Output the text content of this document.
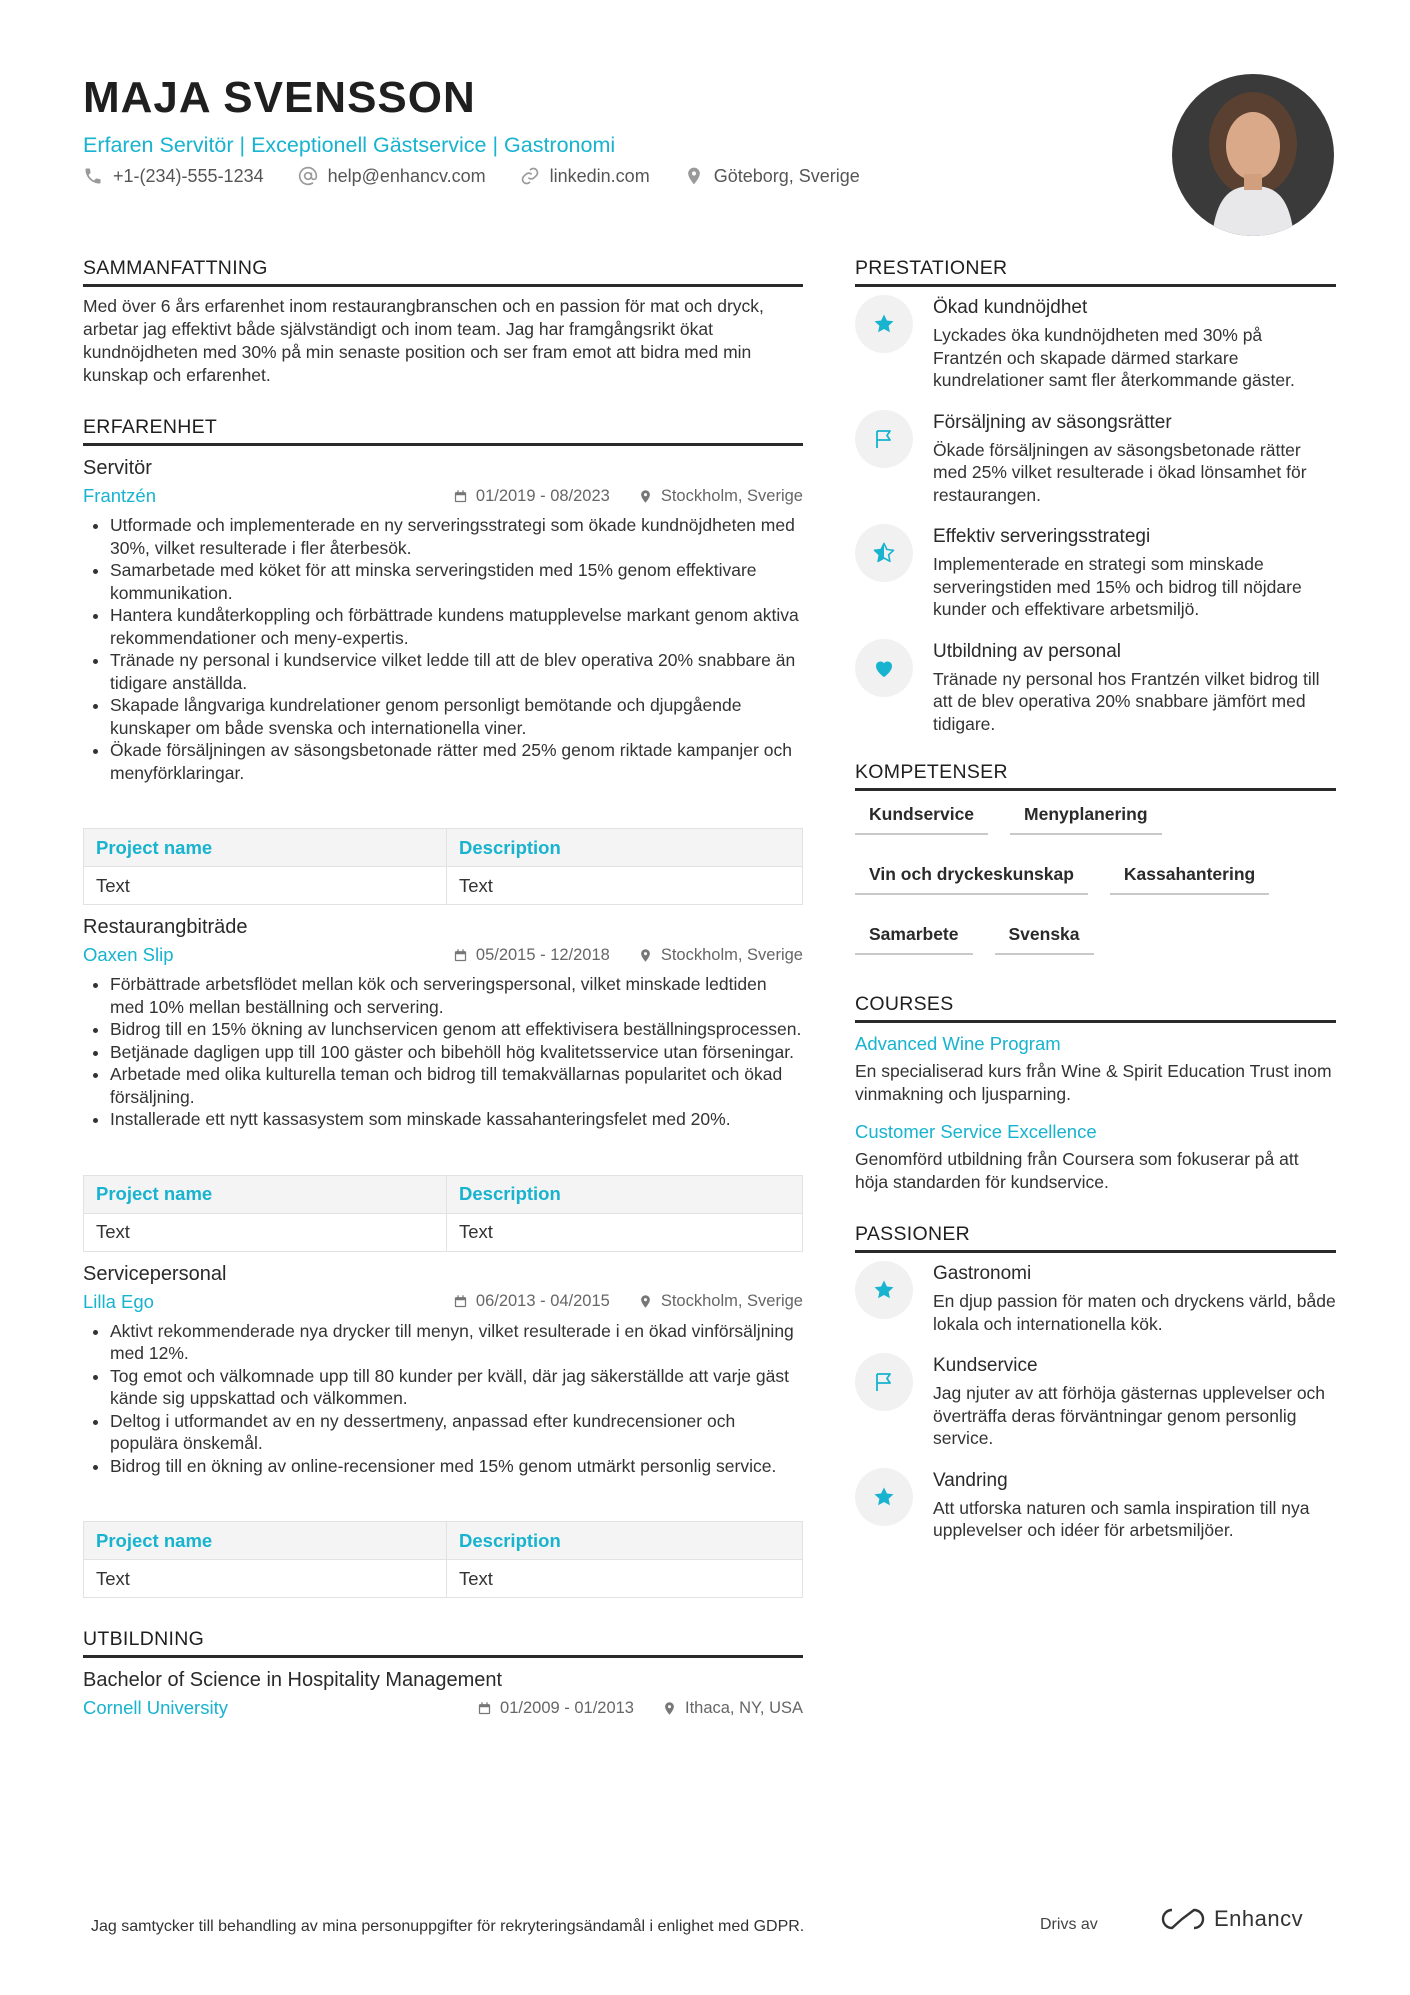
MAJA SVENSSON
Erfaren Servitör | Exceptionell Gästservice | Gastronomi
+1-(234)-555-1234	help@enhancv.com	linkedin.com	Göteborg, Sverige
SAMMANFATTNING
Med över 6 års erfarenhet inom restaurangbranschen och en passion för mat och dryck, arbetar jag effektivt både självständigt och inom team. Jag har framgångsrikt ökat kundnöjdheten med 30% på min senaste position och ser fram emot att bidra med min kunskap och erfarenhet.
ERFARENHET
Servitör
Frantzén	01/2019 - 08/2023	Stockholm, Sverige
• Utformade och implementerade en ny serveringsstrategi som ökade kundnöjdheten med 30%, vilket resulterade i fler återbesök.
• Samarbetade med köket för att minska serveringstiden med 15% genom effektivare kommunikation.
• Hantera kundåterkoppling och förbättrade kundens matupplevelse markant genom aktiva rekommendationer och meny-expertis.
• Tränade ny personal i kundservice vilket ledde till att de blev operativa 20% snabbare än tidigare anställda.
• Skapade långvariga kundrelationer genom personligt bemötande och djupgående kunskaper om både svenska och internationella viner.
• Ökade försäljningen av säsongsbetonade rätter med 25% genom riktade kampanjer och menyförklaringar.
Project name	Description
Text	Text
Restaurangbiträde
Oaxen Slip	05/2015 - 12/2018	Stockholm, Sverige
• Förbättrade arbetsflödet mellan kök och serveringspersonal, vilket minskade ledtiden med 10% mellan beställning och servering.
• Bidrog till en 15% ökning av lunchservicen genom att effektivisera beställningsprocessen.
• Betjänade dagligen upp till 100 gäster och bibehöll hög kvalitetsservice utan förseningar.
• Arbetade med olika kulturella teman och bidrog till temakvällarnas popularitet och ökad försäljning.
• Installerade ett nytt kassasystem som minskade kassahanteringsfelet med 20%.
Project name	Description
Text	Text
Servicepersonal
Lilla Ego	06/2013 - 04/2015	Stockholm, Sverige
• Aktivt rekommenderade nya drycker till menyn, vilket resulterade i en ökad vinförsäljning med 12%.
• Tog emot och välkomnade upp till 80 kunder per kväll, där jag säkerställde att varje gäst kände sig uppskattad och välkommen.
• Deltog i utformandet av en ny dessertmeny, anpassad efter kundrecensioner och populära önskemål.
• Bidrog till en ökning av online-recensioner med 15% genom utmärkt personlig service.
Project name	Description
Text	Text
UTBILDNING
Bachelor of Science in Hospitality Management
Cornell University	01/2009 - 01/2013	Ithaca, NY, USA
PRESTATIONER
Ökad kundnöjdhet
Lyckades öka kundnöjdheten med 30% på Frantzén och skapade därmed starkare kundrelationer samt fler återkommande gäster.
Försäljning av säsongsrätter
Ökade försäljningen av säsongsbetonade rätter med 25% vilket resulterade i ökad lönsamhet för restaurangen.
Effektiv serveringsstrategi
Implementerade en strategi som minskade serveringstiden med 15% och bidrog till nöjdare kunder och effektivare arbetsmiljö.
Utbildning av personal
Tränade ny personal hos Frantzén vilket bidrog till att de blev operativa 20% snabbare jämfört med tidigare.
KOMPETENSER
Kundservice	Menyplanering
Vin och dryckeskunskap	Kassahantering
Samarbete	Svenska
COURSES
Advanced Wine Program
En specialiserad kurs från Wine & Spirit Education Trust inom vinmakning och ljusparning.
Customer Service Excellence
Genomförd utbildning från Coursera som fokuserar på att höja standarden för kundservice.
PASSIONER
Gastronomi
En djup passion för maten och dryckens värld, både lokala och internationella kök.
Kundservice
Jag njuter av att förhöja gästernas upplevelser och överträffa deras förväntningar genom personlig service.
Vandring
Att utforska naturen och samla inspiration till nya upplevelser och idéer för arbetsmiljöer.
Jag samtycker till behandling av mina personuppgifter för rekryteringsändamål i enlighet med GDPR.	Drivs av	Enhancv
